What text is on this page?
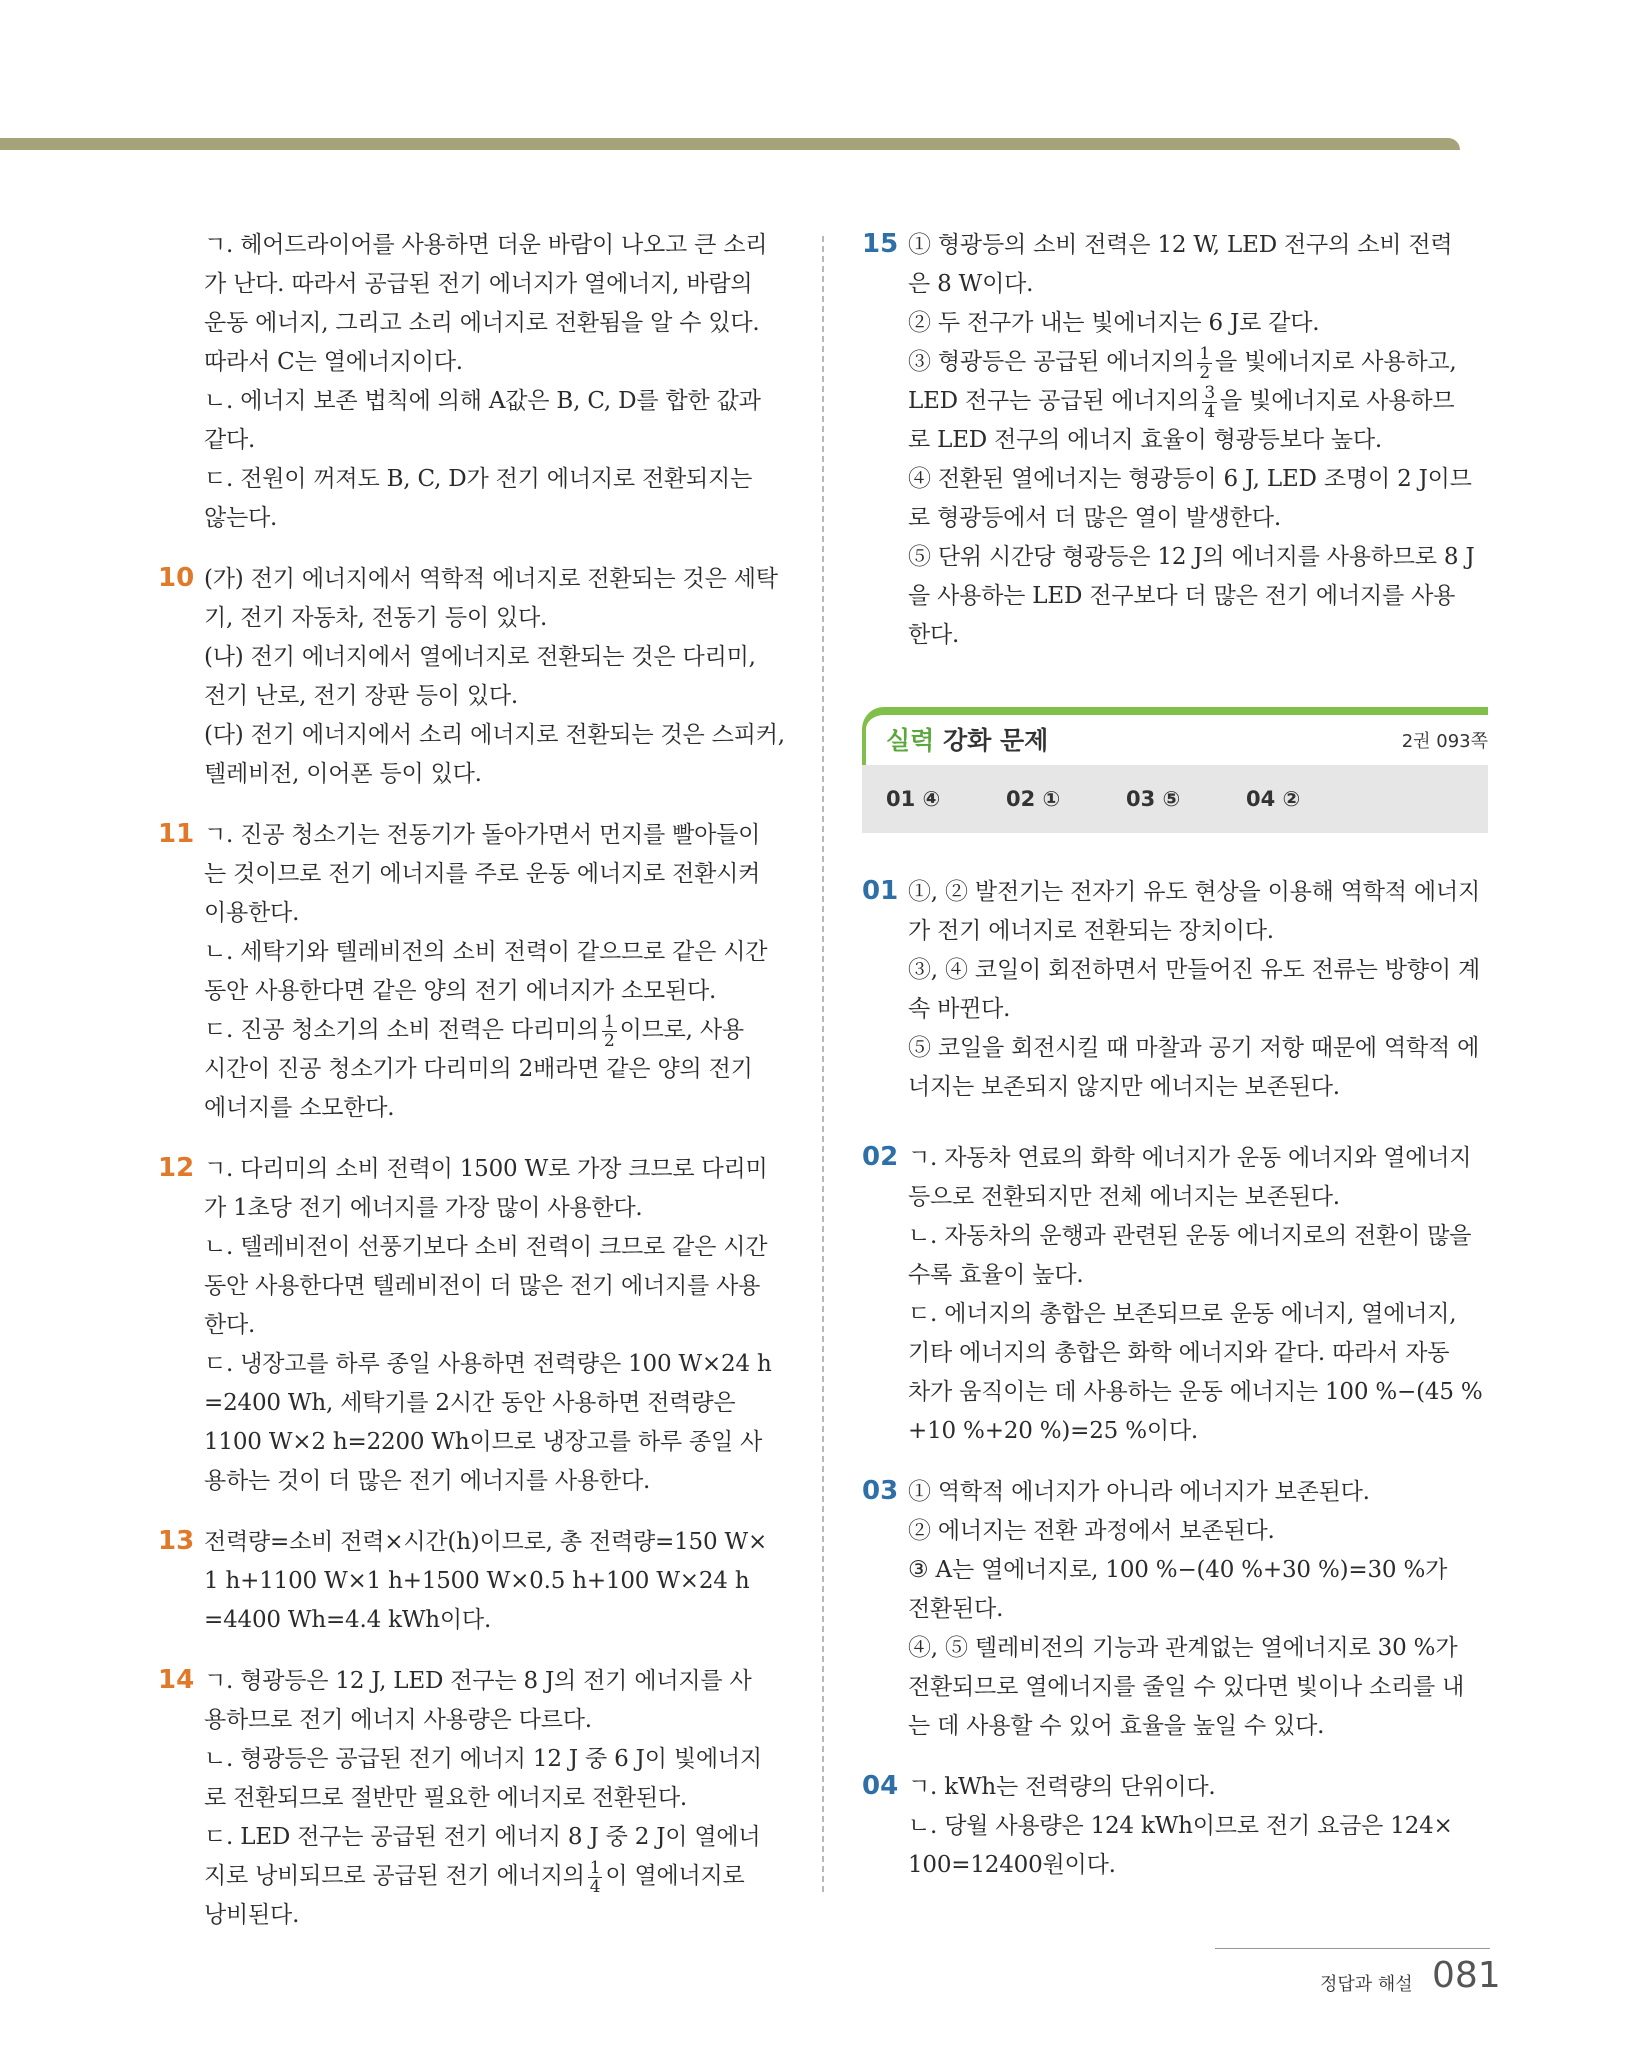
ㄱ. 헤어드라이어를 사용하면 더운 바람이 나오고 큰 소리

가 난다. 따라서 공급된 전기 에너지가 열에너지, 바람의

운동 에너지, 그리고 소리 에너지로 전환됨을 알 수 있다.

따라서 C는 열에너지이다.

ㄴ. 에너지 보존 법칙에 의해 A값은 B, C, D를 합한 값과

같다.

ㄷ. 전원이 꺼져도 B, C, D가 전기 에너지로 전환되지는

않는다.

10 (가) 전기 에너지에서 역학적 에너지로 전환되는 것은 세탁

기, 전기 자동차, 전동기 등이 있다.

(나) 전기 에너지에서 열에너지로 전환되는 것은 다리미,

전기 난로, 전기 장판 등이 있다.

(다) 전기 에너지에서 소리 에너지로 전환되는 것은 스피커,

텔레비전, 이어폰 등이 있다.

11 ㄱ. 진공 청소기는 전동기가 돌아가면서 먼지를 빨아들이

는 것이므로 전기 에너지를 주로 운동 에너지로 전환시켜

이용한다.

ㄴ. 세탁기와 텔레비전의 소비 전력이 같으므로 같은 시간

동안 사용한다면 같은 양의 전기 에너지가 소모된다.

ㄷ. 진공 청소기의 소비 전력은 다리미의 $\frac{1}{2}$ 이므로, 사용

시간이 진공 청소기가 다리미의 2배라면 같은 양의 전기

에너지를 소모한다.

12 ㄱ. 다리미의 소비 전력이 1500 W로 가장 크므로 다리미

가 1초당 전기 에너지를 가장 많이 사용한다.

ㄴ. 텔레비전이 선풍기보다 소비 전력이 크므로 같은 시간

동안 사용한다면 텔레비전이 더 많은 전기 에너지를 사용

한다.

ㄷ. 냉장고를 하루 종일 사용하면 전력량은 100 W×24 h

=2400 Wh, 세탁기를 2시간 동안 사용하면 전력량은

1100 W×2 h=2200 Wh이므로 냉장고를 하루 종일 사

용하는 것이 더 많은 전기 에너지를 사용한다.

13 전력량=소비 전력×시간(h)이므로, 총 전력량=150 W×

1 h+1100 W×1 h+1500 W×0.5 h+100 W×24 h

=4400 Wh=4.4 kWh이다.

14 ㄱ. 형광등은 12 J, LED 전구는 8 J의 전기 에너지를 사

용하므로 전기 에너지 사용량은 다르다.

ㄴ. 형광등은 공급된 전기 에너지 12 J 중 6 J이 빛에너지

로 전환되므로 절반만 필요한 에너지로 전환된다.

ㄷ. LED 전구는 공급된 전기 에너지 8 J 중 2 J이 열에너

지로 낭비되므로 공급된 전기 에너지의 $\frac{1}{4}$ 이 열에너지로

낭비된다.

15 ① 형광등의 소비 전력은 12 W, LED 전구의 소비 전력

은 8 W이다.

② 두 전구가 내는 빛에너지는 6 J로 같다.

③ 형광등은 공급된 에너지의 $\frac{1}{2}$ 을 빛에너지로 사용하고,

LED 전구는 공급된 에너지의 $\frac{3}{4}$ 을 빛에너지로 사용하므

로 LED 전구의 에너지 효율이 형광등보다 높다.

④ 전환된 열에너지는 형광등이 6 J, LED 조명이 2 J이므

로 형광등에서 더 많은 열이 발생한다.

⑤ 단위 시간당 형광등은 12 J의 에너지를 사용하므로 8 J

을 사용하는 LED 전구보다 더 많은 전기 에너지를 사용

한다.

실력 강화 문제	2권 093쪽
01 ④	02 ①	03 ⑤	04 ②
01 ①, ② 발전기는 전자기 유도 현상을 이용해 역학적 에너지

가 전기 에너지로 전환되는 장치이다.

③, ④ 코일이 회전하면서 만들어진 유도 전류는 방향이 계

속 바뀐다.

⑤ 코일을 회전시킬 때 마찰과 공기 저항 때문에 역학적 에

너지는 보존되지 않지만 에너지는 보존된다.

02 ㄱ. 자동차 연료의 화학 에너지가 운동 에너지와 열에너지

등으로 전환되지만 전체 에너지는 보존된다.

ㄴ. 자동차의 운행과 관련된 운동 에너지로의 전환이 많을

수록 효율이 높다.

ㄷ. 에너지의 총합은 보존되므로 운동 에너지, 열에너지,

기타 에너지의 총합은 화학 에너지와 같다. 따라서 자동

차가 움직이는 데 사용하는 운동 에너지는 100 %−(45 %

+10 %+20 %)=25 %이다.

03 ① 역학적 에너지가 아니라 에너지가 보존된다.

② 에너지는 전환 과정에서 보존된다.

③ A는 열에너지로, 100 %−(40 %+30 %)=30 %가

전환된다.

④, ⑤ 텔레비전의 기능과 관계없는 열에너지로 30 %가

전환되므로 열에너지를 줄일 수 있다면 빛이나 소리를 내

는 데 사용할 수 있어 효율을 높일 수 있다.

04 ㄱ. kWh는 전력량의 단위이다.

ㄴ. 당월 사용량은 124 kWh이므로 전기 요금은 124×

100=12400원이다.

정답과 해설 081
